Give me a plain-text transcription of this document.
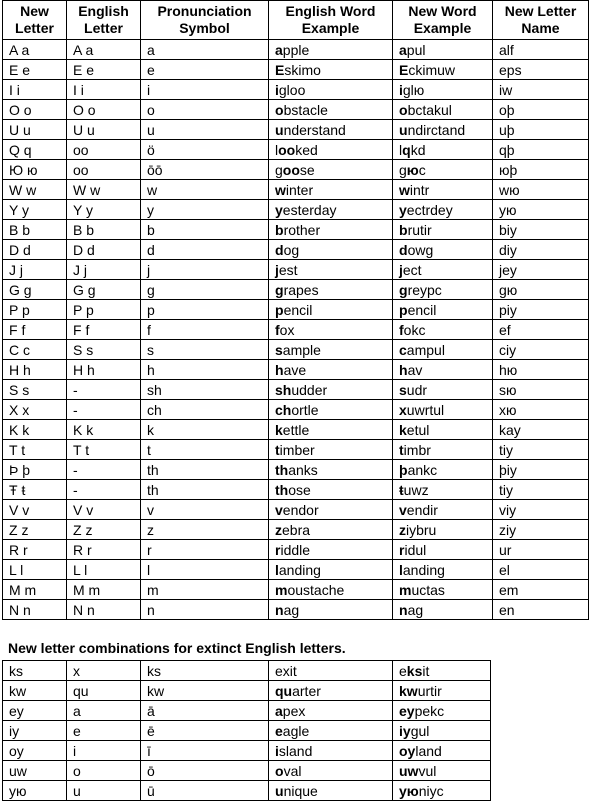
New Letter	English Letter	Pronunciation Symbol	English Word Example	New Word Example	New Letter Name
A a	A a	a	apple	apul	alf
E e	E e	e	Eskimo	Eckimuw	eps
I i	I i	i	igloo	iglю	iw
O o	O o	o	obstacle	obctakul	oþ
U u	U u	u	understand	undirctand	uþ
Q q	oo	ö	looked	lqkd	qþ
Ю ю	oo	ōō	goose	gюc	юþ
W w	W w	w	winter	wintr	wю
Y y	Y y	y	yesterday	yectrdey	yю
B b	B b	b	brother	brutir	biy
D d	D d	d	dog	dowg	diy
J j	J j	j	jest	ject	jey
G g	G g	g	grapes	greypc	gю
P p	P p	p	pencil	pencil	piy
F f	F f	f	fox	fokc	ef
C c	S s	s	sample	campul	ciy
H h	H h	h	have	hav	hю
S s	-	sh	shudder	sudr	sю
X x	-	ch	chortle	xuwrtul	xю
K k	K k	k	kettle	ketul	kay
T t	T t	t	timber	timbr	tiy
Þ þ	-	th	thanks	þankc	þiy
Ŧ ŧ	-	th	those	ŧuwz	tiy
V v	V v	v	vendor	vendir	viy
Z z	Z z	z	zebra	ziybru	ziy
R r	R r	r	riddle	ridul	ur
L l	L l	l	landing	landing	el
M m	M m	m	moustache	muctas	em
N n	N n	n	nag	nag	en
New letter combinations for extinct English letters.
ks	x	ks	exit	eksit
kw	qu	kw	quarter	kwurtir
ey	a	ā	apex	eypekc
iy	e	ē	eagle	iygul
oy	i	ī	island	oyland
uw	o	ō	oval	uwvul
yю	u	ū	unique	yюniyc
